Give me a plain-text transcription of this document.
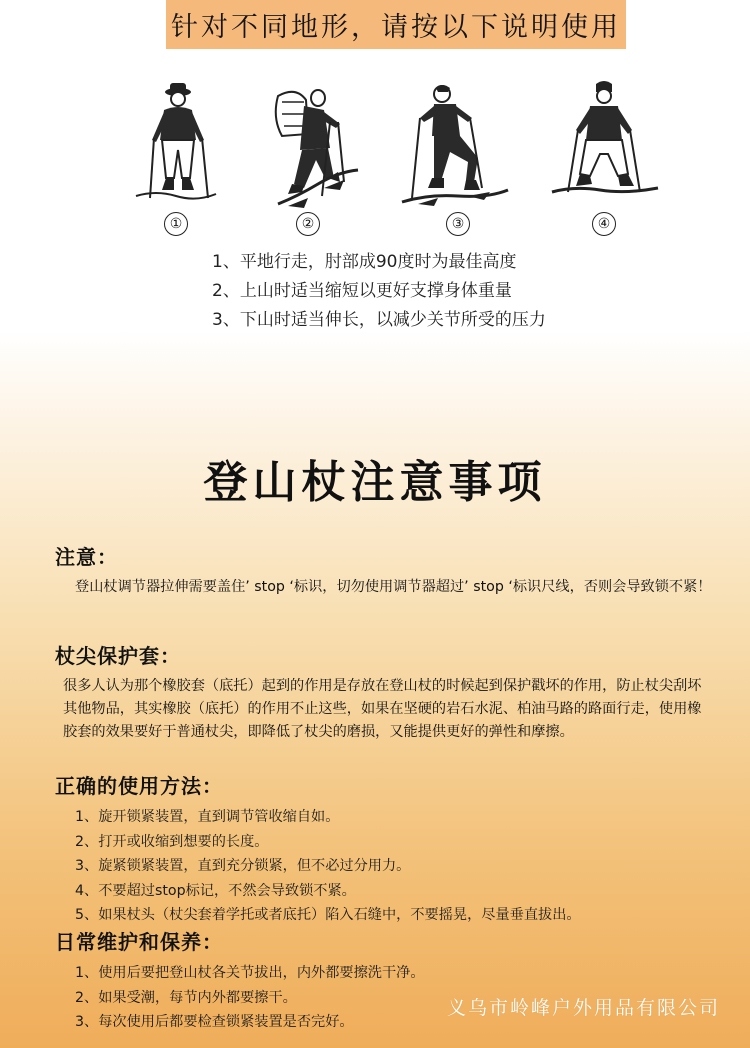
针对不同地形，请按以下说明使用
①	②	③	④
1、平地行走，肘部成90度时为最佳高度
2、上山时适当缩短以更好支撑身体重量
3、下山时适当伸长，以减少关节所受的压力
登山杖注意事项
注意：
登山杖调节器拉伸需要盖住’ stop ‘标识，切勿使用调节器超过’ stop ‘标识尺线，否则会导致锁不紧！
杖尖保护套：
很多人认为那个橡胶套（底托）起到的作用是存放在登山杖的时候起到保护戳坏的作用，防止杖尖刮坏其他物品，其实橡胶（底托）的作用不止这些，如果在坚硬的岩石水泥、柏油马路的路面行走，使用橡胶套的效果要好于普通杖尖，即降低了杖尖的磨损，又能提供更好的弹性和摩擦。
正确的使用方法：
1、旋开锁紧装置，直到调节管收缩自如。
2、打开或收缩到想要的长度。
3、旋紧锁紧装置，直到充分锁紧，但不必过分用力。
4、不要超过stop标记，不然会导致锁不紧。
5、如果杖头（杖尖套着学托或者底托）陷入石缝中，不要摇晃，尽量垂直拔出。
日常维护和保养：
1、使用后要把登山杖各关节拔出，内外都要擦洗干净。
2、如果受潮，每节内外都要擦干。
3、每次使用后都要检查锁紧装置是否完好。
义乌市岭峰户外用品有限公司
